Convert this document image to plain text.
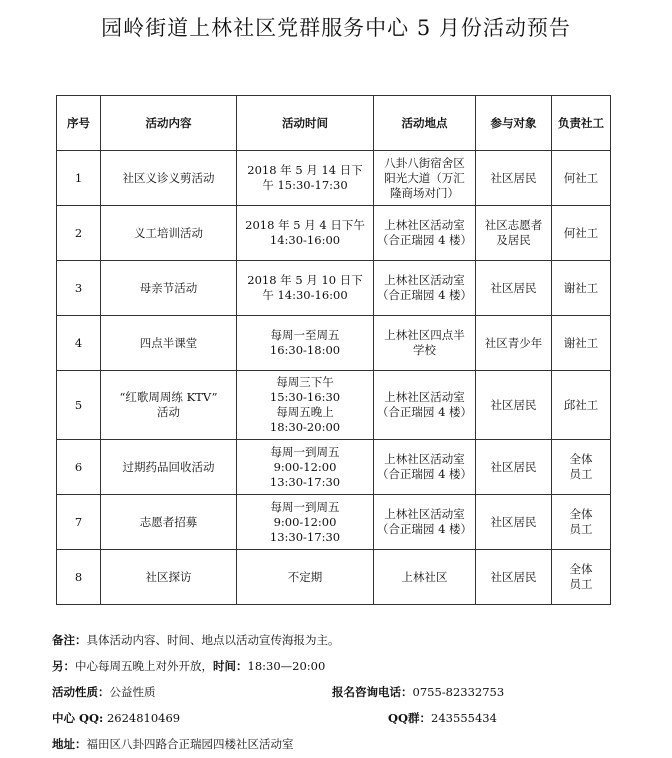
园岭街道上林社区党群服务中心 5 月份活动预告
序号	活动内容	活动时间	活动地点	参与对象	负责社工
1	社区义诊义剪活动	2018 年 5 月 14 日下
午 15:30-17:30	八卦八街宿舍区
阳光大道（万汇
隆商场对门）	社区居民	何社工

2	义工培训活动	2018 年 5 月 4 日下午
14:30-16:00	上林社区活动室
（合正瑞园 4 楼）	社区志愿者
及居民	何社工

3	母亲节活动	2018 年 5 月 10 日下
午 14:30-16:00	上林社区活动室
（合正瑞园 4 楼）	社区居民	谢社工

4	四点半课堂	每周一至周五
16:30-18:00	上林社区四点半
学校	社区青少年	谢社工

5	“红歌周周练 KTV”
活动	每周三下午
15:30-16:30
每周五晚上
18:30-20:00	上林社区活动室
（合正瑞园 4 楼）	社区居民	邱社工

6	过期药品回收活动	每周一到周五
9:00-12:00
13:30-17:30	上林社区活动室
（合正瑞园 4 楼）	社区居民	全体
员工

7	志愿者招募	每周一到周五
9:00-12:00
13:30-17:30	上林社区活动室
（合正瑞园 4 楼）	社区居民	全体
员工

8	社区探访	不定期	上林社区	社区居民	全体
员工
备注：具体活动内容、时间、地点以活动宣传海报为主。
另：中心每周五晚上对外开放，时间：18:30—20:00
活动性质：公益性质	报名咨询电话：0755-82332753
中心 QQ: 2624810469	QQ群：243555434
地址：福田区八卦四路合正瑞园四楼社区活动室
